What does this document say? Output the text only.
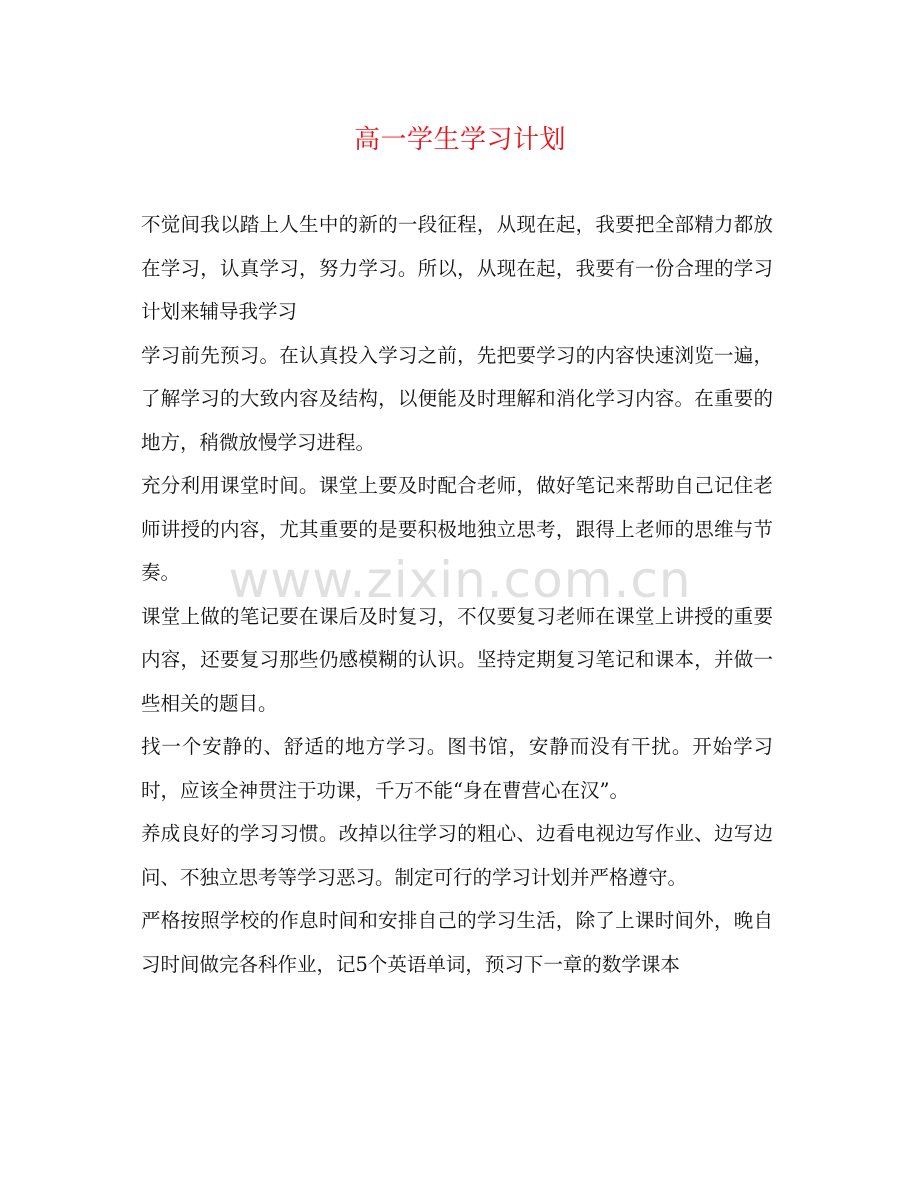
高一学生学习计划

不觉间我以踏上人生中的新的一段征程，从现在起，我要把全部精力都放在学习，认真学习，努力学习。所以，从现在起，我要有一份合理的学习计划来辅导我学习

学习前先预习。在认真投入学习之前，先把要学习的内容快速浏览一遍，了解学习的大致内容及结构，以便能及时理解和消化学习内容。在重要的地方，稍微放慢学习进程。

充分利用课堂时间。课堂上要及时配合老师，做好笔记来帮助自己记住老师讲授的内容，尤其重要的是要积极地独立思考，跟得上老师的思维与节奏。

课堂上做的笔记要在课后及时复习，不仅要复习老师在课堂上讲授的重要内容，还要复习那些仍感模糊的认识。坚持定期复习笔记和课本，并做一些相关的题目。

找一个安静的、舒适的地方学习。图书馆，安静而没有干扰。开始学习时，应该全神贯注于功课，千万不能“身在曹营心在汉”。

养成良好的学习习惯。改掉以往学习的粗心、边看电视边写作业、边写边问、不独立思考等学习恶习。制定可行的学习计划并严格遵守。

严格按照学校的作息时间和安排自己的学习生活，除了上课时间外，晚自习时间做完各科作业，记5个英语单词，预习下一章的数学课本

www.zixin.com.cn
